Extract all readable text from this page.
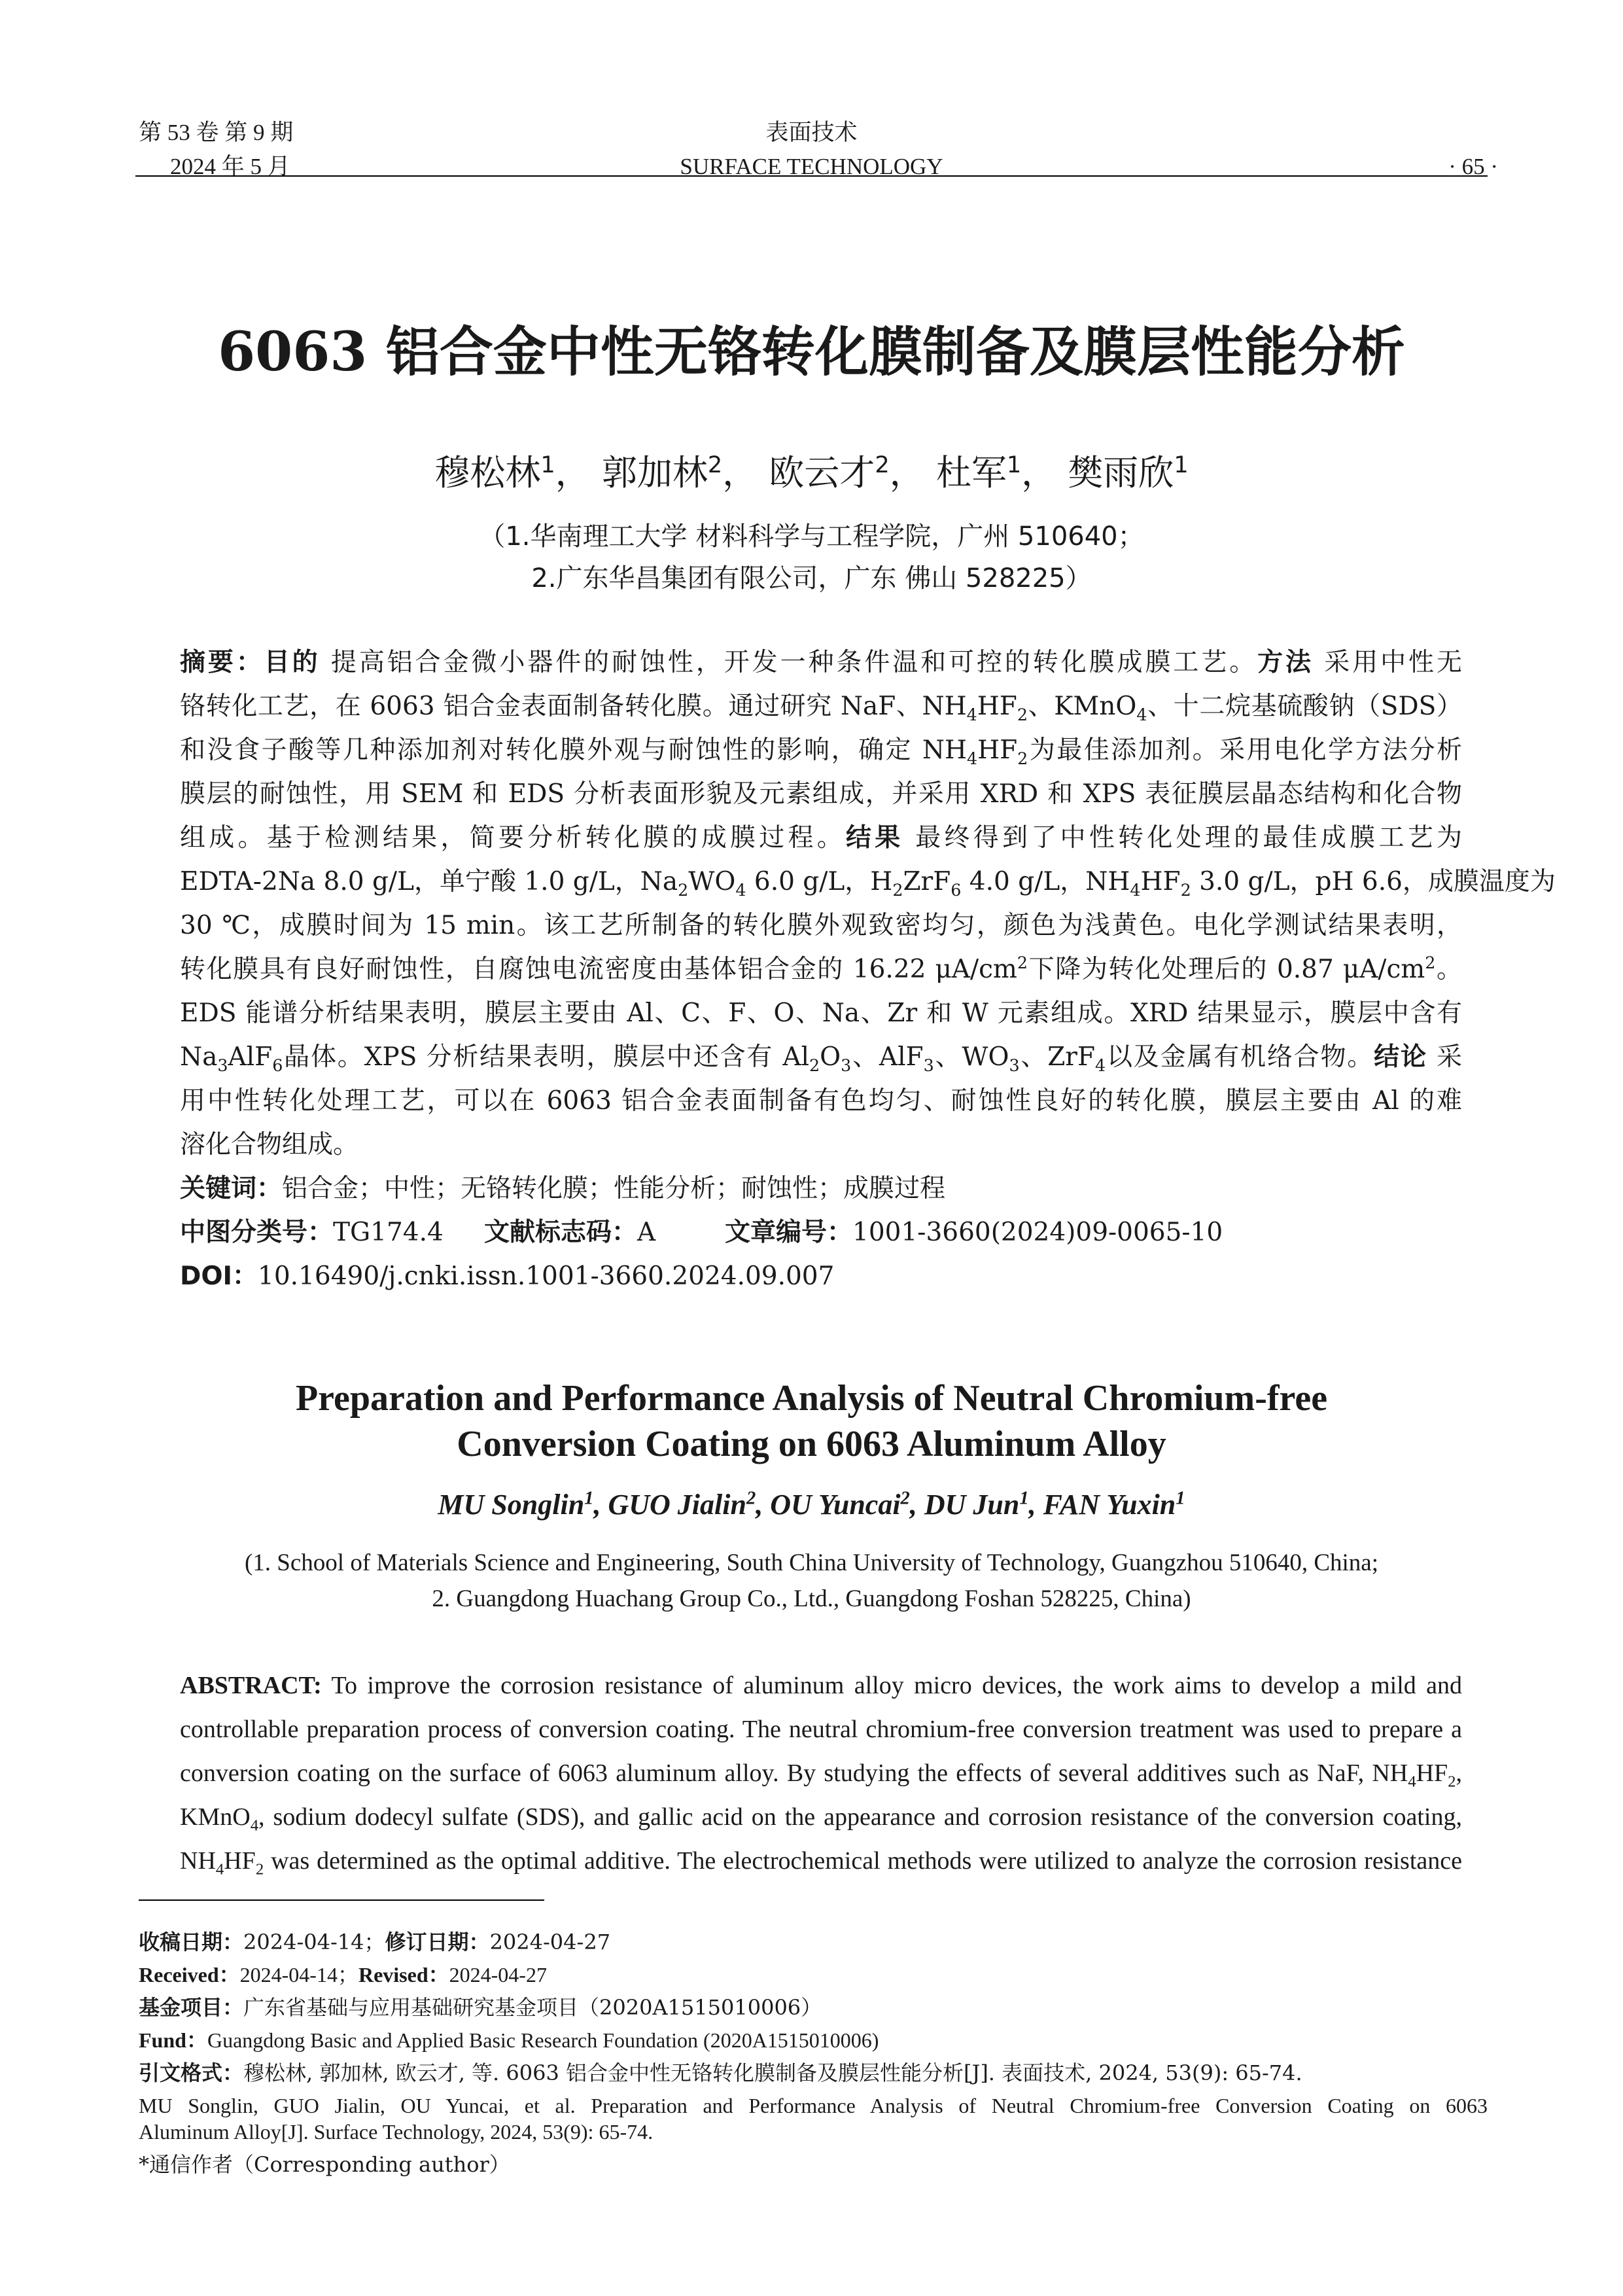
第 53 卷 第 9 期
2024 年 5 月
表面技术
SURFACE TECHNOLOGY	· 65 ·
6063 铝合金中性无铬转化膜制备及膜层性能分析
穆松林$^1$， 郭加林$^2$， 欧云才$^2$， 杜军$^1$， 樊雨欣$^1$
（1.华南理工大学 材料科学与工程学院，广州 510640；
2.广东华昌集团有限公司，广东 佛山 528225）
摘要：目的 提高铝合金微小器件的耐蚀性，开发一种条件温和可控的转化膜成膜工艺。方法 采用中性无
铬转化工艺，在 6063 铝合金表面制备转化膜。通过研究 NaF、$NH_4HF_2$、KMnO$_4$、十二烷基硫酸钠（SDS）
和没食子酸等几种添加剂对转化膜外观与耐蚀性的影响，确定 $NH_4HF_2$为最佳添加剂。采用电化学方法分析
膜层的耐蚀性，用 SEM 和 EDS 分析表面形貌及元素组成，并采用 XRD 和 XPS 表征膜层晶态结构和化合物
组成。基于检测结果，简要分析转化膜的成膜过程。结果 最终得到了中性转化处理的最佳成膜工艺为
EDTA-2Na 8.0 g/L，单宁酸 1.0 g/L，$Na_2WO_4$ 6.0 g/L，$H_2ZrF_6$ 4.0 g/L，$NH_4HF_2$ 3.0 g/L，pH 6.6，成膜温度为
30 ℃，成膜时间为 15 min。该工艺所制备的转化膜外观致密均匀，颜色为浅黄色。电化学测试结果表明，
转化膜具有良好耐蚀性，自腐蚀电流密度由基体铝合金的 16.22 $\mu A/cm^2$下降为转化处理后的 0.87 $\mu A/cm^2$。
EDS 能谱分析结果表明，膜层主要由 Al、C、F、O、Na、Zr 和 W 元素组成。XRD 结果显示，膜层中含有
$Na_3AlF_6$晶体。XPS 分析结果表明，膜层中还含有 $Al_2O_3$、AlF$_3$、$WO_3$、ZrF$_4$以及金属有机络合物。结论 采
用中性转化处理工艺，可以在 6063 铝合金表面制备有色均匀、耐蚀性良好的转化膜，膜层主要由 Al 的难
溶化合物组成。
关键词：铝合金；中性；无铬转化膜；性能分析；耐蚀性；成膜过程
中图分类号：TG174.4 文献标志码：A	文章编号：1001-3660(2024)09-0065-10
DOI：10.16490/j.cnki.issn.1001-3660.2024.09.007
Preparation and Performance Analysis of Neutral Chromium-free
Conversion Coating on 6063 Aluminum Alloy
MU Songlin$^1$, GUO Jialin$^2$, OU Yuncai$^2$, DU Jun$^1$, FAN Yuxin$^1$
(1. School of Materials Science and Engineering, South China University of Technology, Guangzhou 510640, China;
2. Guangdong Huachang Group Co., Ltd., Guangdong Foshan 528225, China)
ABSTRACT: To improve the corrosion resistance of aluminum alloy micro devices, the work aims to develop a mild and
controllable preparation process of conversion coating. The neutral chromium-free conversion treatment was used to prepare a
conversion coating on the surface of 6063 aluminum alloy. By studying the effects of several additives such as NaF, $NH_4HF_2$,
KMnO$_4$, sodium dodecyl sulfate (SDS), and gallic acid on the appearance and corrosion resistance of the conversion coating,
$NH_4HF_2$ was determined as the optimal additive. The electrochemical methods were utilized to analyze the corrosion resistance
收稿日期：2024-04-14；修订日期：2024-04-27
Received：2024-04-14；Revised：2024-04-27
基金项目：广东省基础与应用基础研究基金项目（2020A1515010006）
Fund：Guangdong Basic and Applied Basic Research Foundation (2020A1515010006)
引文格式：穆松林, 郭加林, 欧云才, 等. 6063 铝合金中性无铬转化膜制备及膜层性能分析[J]. 表面技术, 2024, 53(9): 65-74.
MU Songlin, GUO Jialin, OU Yuncai, et al. Preparation and Performance Analysis of Neutral Chromium-free Conversion Coating on 6063
Aluminum Alloy[J]. Surface Technology, 2024, 53(9): 65-74.
*通信作者（Corresponding author）
